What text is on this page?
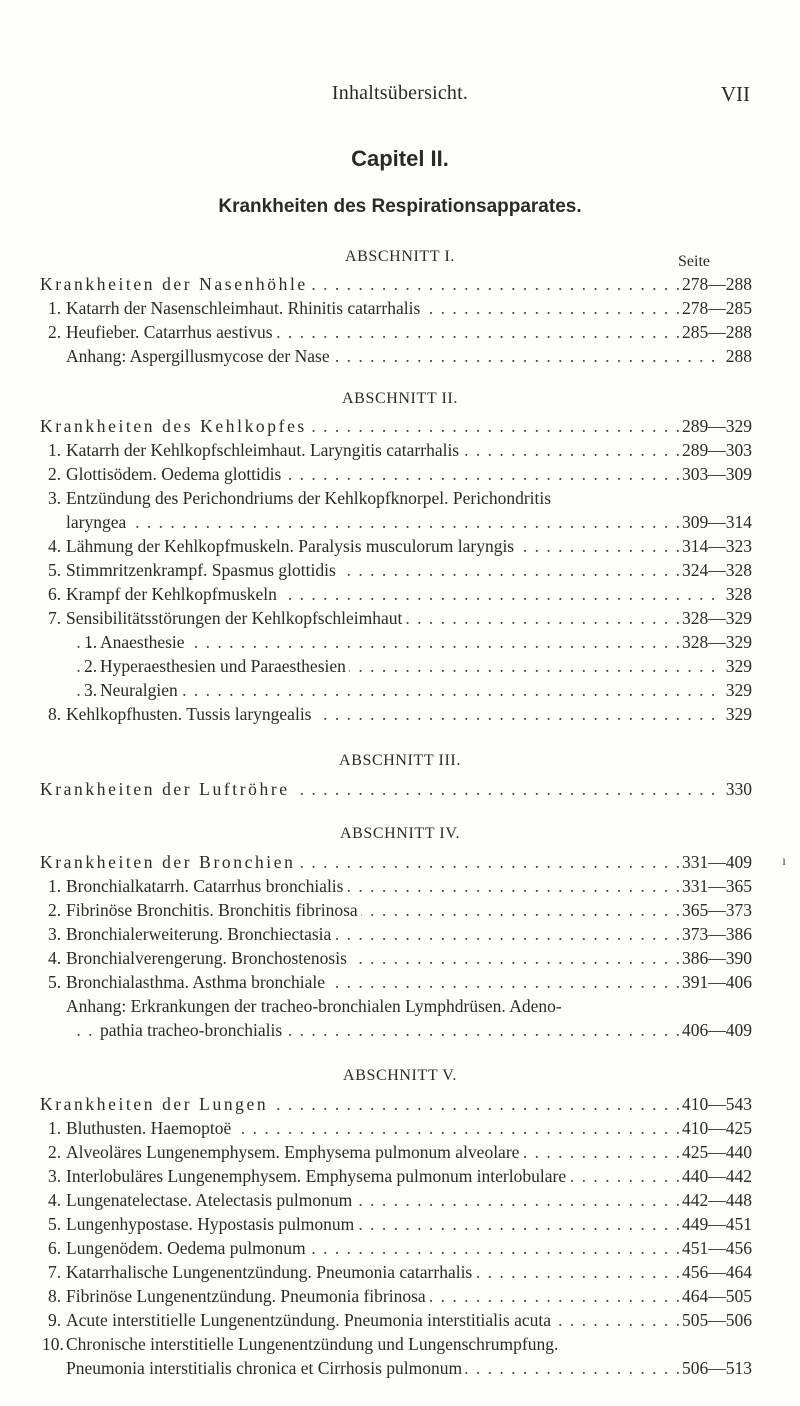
Inhaltsübersicht.	VII
Capitel II.
Krankheiten des Respirationsapparates.
ABSCHNITT I.	Seite
. . . Krankheiten der Nasenhöhle	278—288
. . . 1. Katarrh der Nasenschleimhaut. Rhinitis catarrhalis	278—285
. . . 2. Heufieber. Catarrhus aestivus	285—288
. . . Anhang: Aspergillusmycose der Nase	288
ABSCHNITT II.
. . . Krankheiten des Kehlkopfes	289—329
. . . 1. Katarrh der Kehlkopfschleimhaut. Laryngitis catarrhalis	289—303
. . . 2. Glottisödem. Oedema glottidis	303—309
3. Entzündung des Perichondriums der Kehlkopfknorpel. Perichondritis
. . . laryngea	309—314
. . . 4. Lähmung der Kehlkopfmuskeln. Paralysis musculorum laryngis	314—323
. . . 5. Stimmritzenkrampf. Spasmus glottidis	324—328
. . . 6. Krampf der Kehlkopfmuskeln	328
. . . 7. Sensibilitätsstörungen der Kehlkopfschleimhaut	328—329
. . . 1. Anaesthesie	328—329
. . . 2. Hyperaesthesien und Paraesthesien	329
. . . 3. Neuralgien	329
. . . 8. Kehlkopfhusten. Tussis laryngealis	329
ABSCHNITT III.
. . . Krankheiten der Luftröhre	330
ABSCHNITT IV.
. . . Krankheiten der Bronchien	331—409 ı
. . . 1. Bronchialkatarrh. Catarrhus bronchialis	331—365
. . . 2. Fibrinöse Bronchitis. Bronchitis fibrinosa	365—373
. . . 3. Bronchialerweiterung. Bronchiectasia	373—386
. . . 4. Bronchialverengerung. Bronchostenosis	386—390
. . . 5. Bronchialasthma. Asthma bronchiale	391—406
Anhang: Erkrankungen der tracheo-bronchialen Lymphdrüsen. Adeno-
. . . pathia tracheo-bronchialis	406—409
ABSCHNITT V.
. . . Krankheiten der Lungen	410—543
. . . 1. Bluthusten. Haemoptoë	410—425
. . . 2. Alveoläres Lungenemphysem. Emphysema pulmonum alveolare	425—440
. . . 3. Interlobuläres Lungenemphysem. Emphysema pulmonum interlobulare	440—442
. . . 4. Lungenatelectase. Atelectasis pulmonum	442—448
. . . 5. Lungenhypostase. Hypostasis pulmonum	449—451
. . . 6. Lungenödem. Oedema pulmonum	451—456
. . . 7. Katarrhalische Lungenentzündung. Pneumonia catarrhalis	456—464
. . . 8. Fibrinöse Lungenentzündung. Pneumonia fibrinosa	464—505
. . . 9. Acute interstitielle Lungenentzündung. Pneumonia interstitialis acuta	505—506
10. Chronische interstitielle Lungenentzündung und Lungenschrumpfung.
. . . Pneumonia interstitialis chronica et Cirrhosis pulmonum	506—513
